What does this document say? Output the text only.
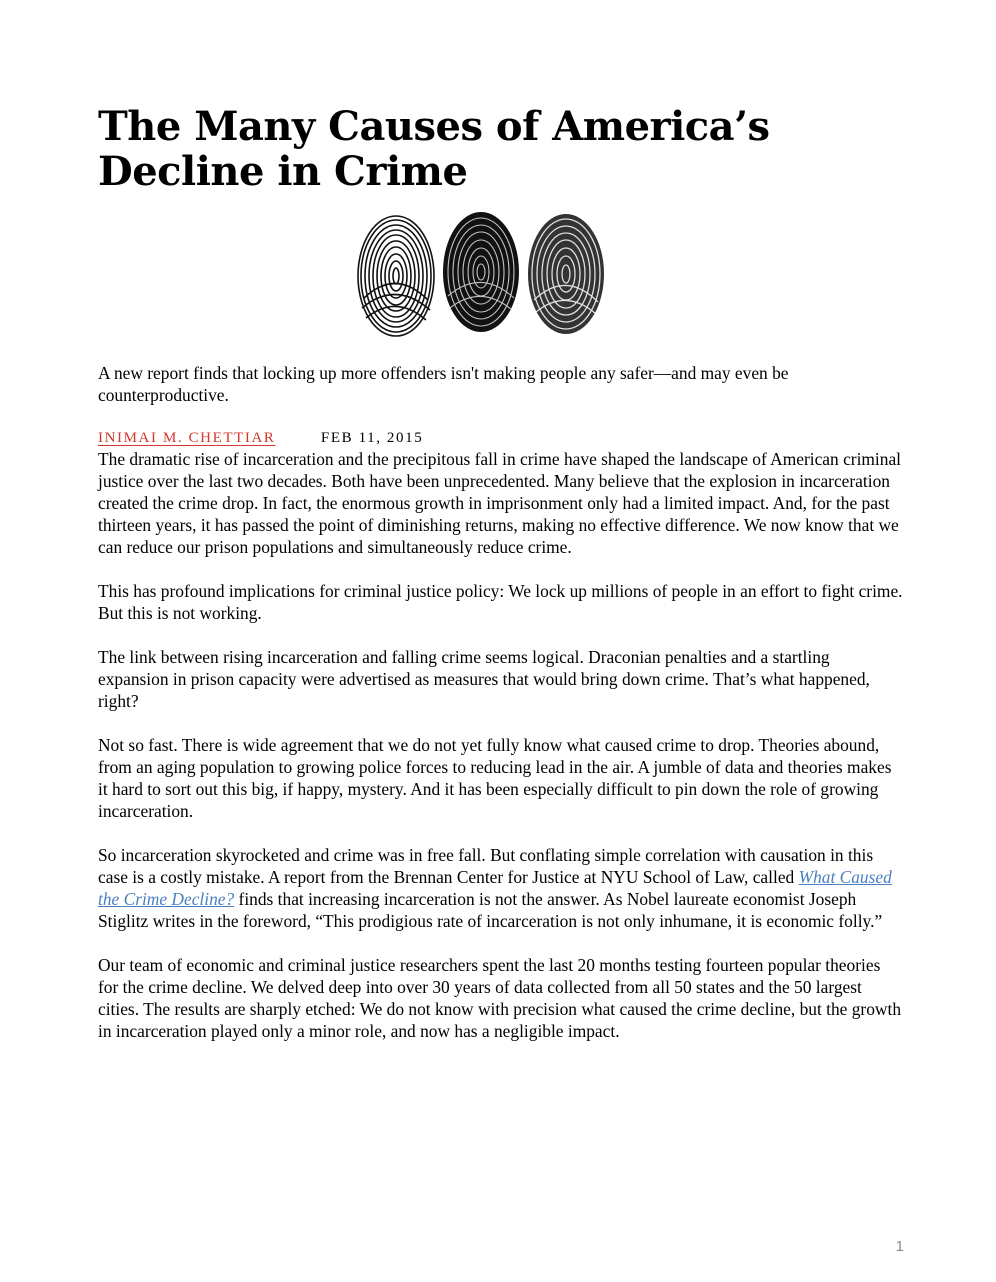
The Many Causes of America’s
Decline in Crime

A new report finds that locking up more offenders isn't making people any safer—and may even be counterproductive.

INIMAI M. CHETTIAR	FEB 11, 2015

The dramatic rise of incarceration and the precipitous fall in crime have shaped the landscape of American criminal justice over the last two decades. Both have been unprecedented. Many believe that the explosion in incarceration created the crime drop. In fact, the enormous growth in imprisonment only had a limited impact. And, for the past thirteen years, it has passed the point of diminishing returns, making no effective difference. We now know that we can reduce our prison populations and simultaneously reduce crime.

This has profound implications for criminal justice policy: We lock up millions of people in an effort to fight crime. But this is not working.

The link between rising incarceration and falling crime seems logical. Draconian penalties and a startling expansion in prison capacity were advertised as measures that would bring down crime. That’s what happened, right?

Not so fast. There is wide agreement that we do not yet fully know what caused crime to drop. Theories abound, from an aging population to growing police forces to reducing lead in the air. A jumble of data and theories makes it hard to sort out this big, if happy, mystery. And it has been especially difficult to pin down the role of growing incarceration.

So incarceration skyrocketed and crime was in free fall. But conflating simple correlation with causation in this case is a costly mistake. A report from the Brennan Center for Justice at NYU School of Law, called What Caused the Crime Decline? finds that increasing incarceration is not the answer. As Nobel laureate economist Joseph Stiglitz writes in the foreword, “This prodigious rate of incarceration is not only inhumane, it is economic folly.”

Our team of economic and criminal justice researchers spent the last 20 months testing fourteen popular theories for the crime decline. We delved deep into over 30 years of data collected from all 50 states and the 50 largest cities. The results are sharply etched: We do not know with precision what caused the crime decline, but the growth in incarceration played only a minor role, and now has a negligible impact.

1
